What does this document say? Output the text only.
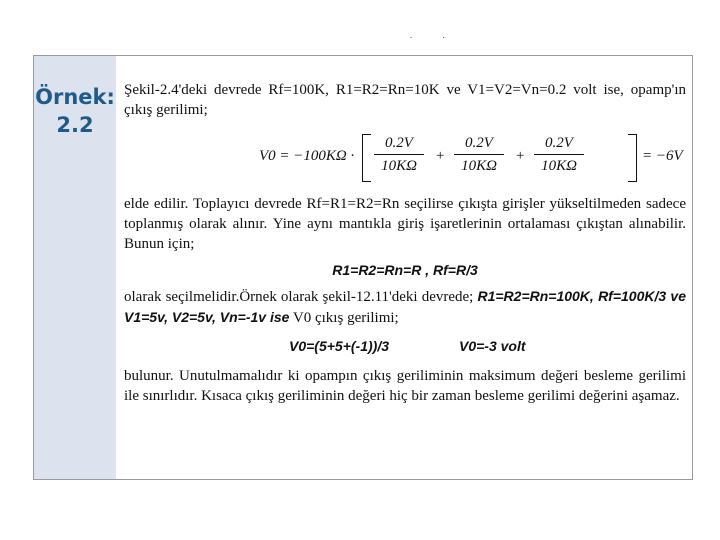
. .
Örnek:
2.2
Şekil-2.4'deki devrede Rf=100K, R1=R2=Rn=10K ve V1=V2=Vn=0.2 volt ise, opamp'ın çıkış gerilimi;
$V0 = -100K\Omega \cdot \frac{0.2V}{10K\Omega} + \frac{0.2V}{10K\Omega} + \frac{0.2V}{10K\Omega}$	= −6V
elde edilir. Toplayıcı devrede Rf=R1=R2=Rn seçilirse çıkışta girişler yükseltilmeden sadece toplanmış olarak alınır. Yine aynı mantıkla giriş işaretlerinin ortalaması çıkıştan alınabilir. Bunun için;
R1=R2=Rn=R , Rf=R/3
olarak seçilmelidir.Örnek olarak şekil-12.11'deki devrede; R1=R2=Rn=100K, Rf=100K/3 ve V1=5v, V2=5v, Vn=-1v ise V0 çıkış gerilimi;
V0=(5+5+(-1))/3	V0=-3 volt
bulunur. Unutulmamalıdır ki opampın çıkış geriliminin maksimum değeri besleme gerilimi ile sınırlıdır. Kısaca çıkış geriliminin değeri hiç bir zaman besleme gerilimi değerini aşamaz.
